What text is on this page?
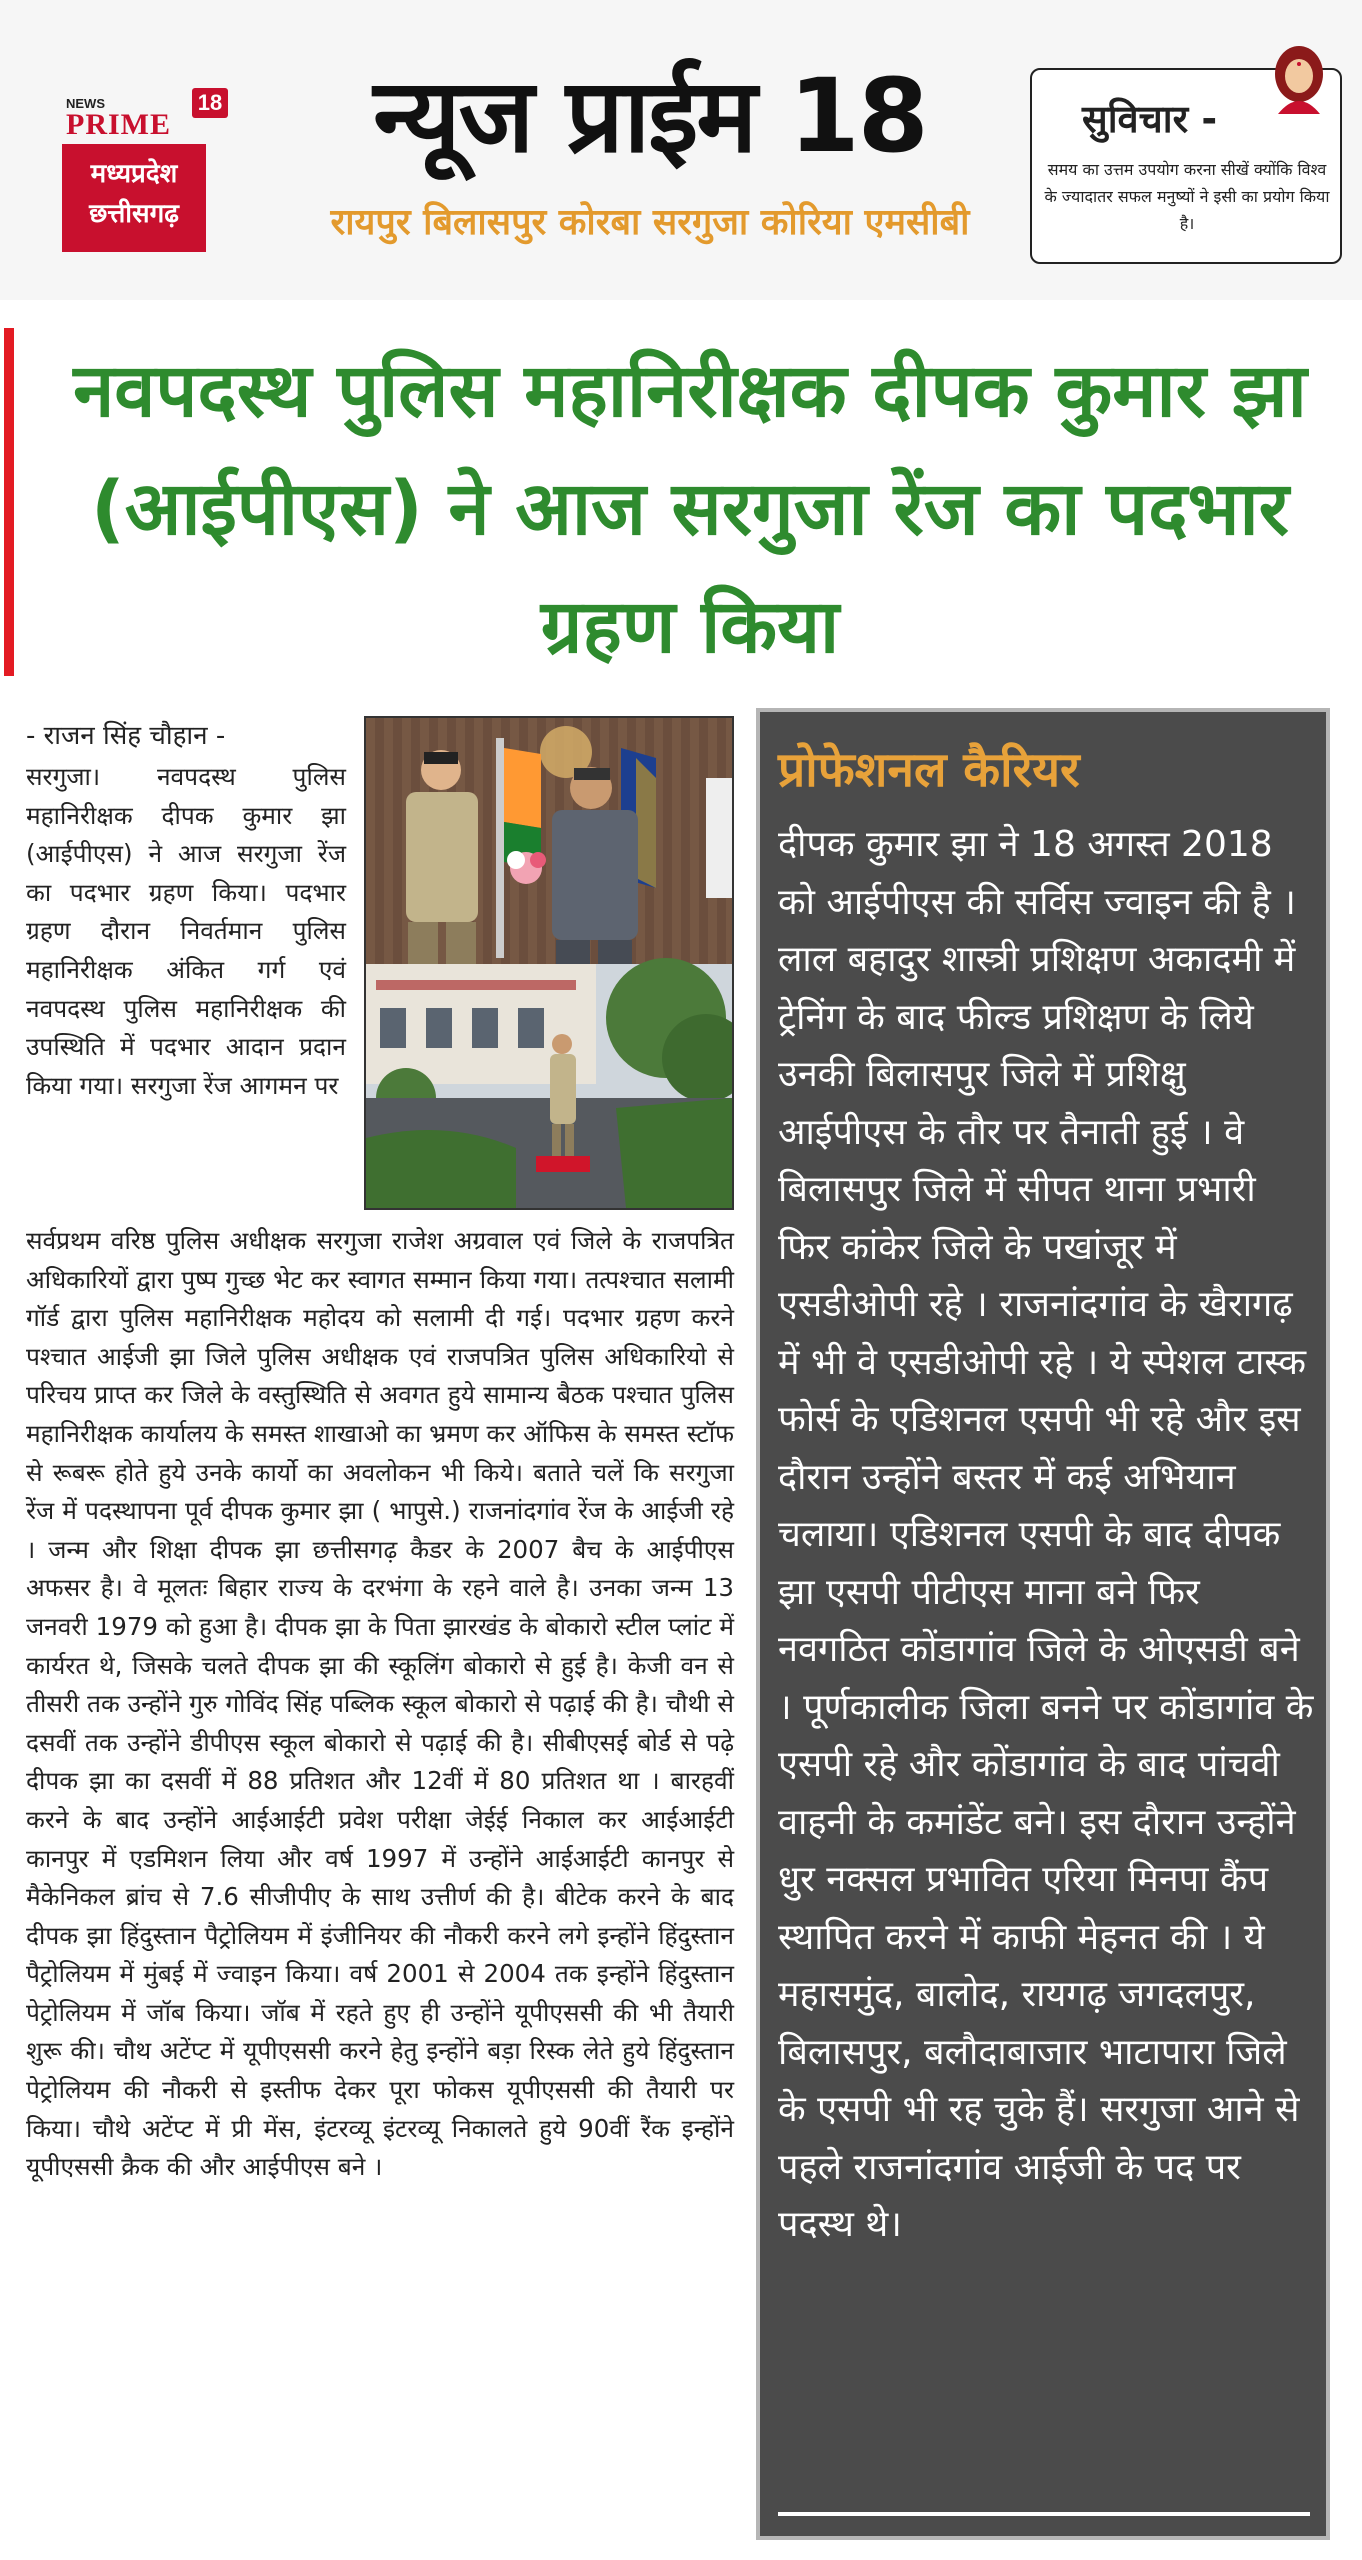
NEWS
PRIME
18
मध्यप्रदेश
छत्तीसगढ़
न्यूज प्राईम 18
रायपुर बिलासपुर कोरबा सरगुजा कोरिया एमसीबी
सुविचार -
समय का उत्तम उपयोग करना सीखें क्योंकि विश्व के ज्यादातर सफल मनुष्यों ने इसी का प्रयोग किया है।
नवपदस्थ पुलिस महानिरीक्षक दीपक कुमार झा (आईपीएस) ने आज सरगुजा रेंज का पदभार ग्रहण किया
- राजन सिंह चौहान -
सरगुजा। नवपदस्थ पुलिस महानिरीक्षक दीपक कुमार झा (आईपीएस) ने आज सरगुजा रेंज का पदभार ग्रहण किया। पदभार ग्रहण दौरान निवर्तमान पुलिस महानिरीक्षक अंकित गर्ग एवं नवपदस्थ पुलिस महानिरीक्षक की उपस्थिति में पदभार आदान प्रदान किया गया। सरगुजा रेंज आगमन पर
सर्वप्रथम वरिष्ठ पुलिस अधीक्षक सरगुजा राजेश अग्रवाल एवं जिले के राजपत्रित अधिकारियों द्वारा पुष्प गुच्छ भेट कर स्वागत सम्मान किया गया। तत्पश्चात सलामी गॉर्ड द्वारा पुलिस महानिरीक्षक महोदय को सलामी दी गई। पदभार ग्रहण करने पश्चात आईजी झा जिले पुलिस अधीक्षक एवं राजपत्रित पुलिस अधिकारियो से परिचय प्राप्त कर जिले के वस्तुस्थिति से अवगत हुये सामान्य बैठक पश्चात पुलिस महानिरीक्षक कार्यालय के समस्त शाखाओ का भ्रमण कर ऑफिस के समस्त स्टॉफ से रूबरू होते हुये उनके कार्यो का अवलोकन भी किये। बताते चलें कि सरगुजा रेंज में पदस्थापना पूर्व दीपक कुमार झा ( भापुसे.) राजनांदगांव रेंज के आईजी रहे । जन्म और शिक्षा दीपक झा छत्तीसगढ़ कैडर के 2007 बैच के आईपीएस अफसर है। वे मूलतः बिहार राज्य के दरभंगा के रहने वाले है। उनका जन्म 13 जनवरी 1979 को हुआ है। दीपक झा के पिता झारखंड के बोकारो स्टील प्लांट में कार्यरत थे, जिसके चलते दीपक झा की स्कूलिंग बोकारो से हुई है। केजी वन से तीसरी तक उन्होंने गुरु गोविंद सिंह पब्लिक स्कूल बोकारो से पढ़ाई की है। चौथी से दसवीं तक उन्होंने डीपीएस स्कूल बोकारो से पढ़ाई की है। सीबीएसई बोर्ड से पढ़े दीपक झा का दसवीं में 88 प्रतिशत और 12वीं में 80 प्रतिशत था । बारहवीं करने के बाद उन्होंने आईआईटी प्रवेश परीक्षा जेईई निकाल कर आईआईटी कानपुर में एडमिशन लिया और वर्ष 1997 में उन्होंने आईआईटी कानपुर से मैकेनिकल ब्रांच से 7.6 सीजीपीए के साथ उत्तीर्ण की है। बीटेक करने के बाद दीपक झा हिंदुस्तान पैट्रोलियम में इंजीनियर की नौकरी करने लगे इन्होंने हिंदुस्तान पैट्रोलियम में मुंबई में ज्वाइन किया। वर्ष 2001 से 2004 तक इन्होंने हिंदुस्तान पेट्रोलियम में जॉब किया। जॉब में रहते हुए ही उन्होंने यूपीएससी की भी तैयारी शुरू की। चौथ अटेंप्ट में यूपीएससी करने हेतु इन्होंने बड़ा रिस्क लेते हुये हिंदुस्तान पेट्रोलियम की नौकरी से इस्तीफ देकर पूरा फोकस यूपीएससी की तैयारी पर किया। चौथे अटेंप्ट में प्री मेंस, इंटरव्यू इंटरव्यू निकालते हुये 90वीं रैंक इन्होंने यूपीएससी क्रैक की और आईपीएस बने ।
प्रोफेशनल कैरियर
दीपक कुमार झा ने 18 अगस्त 2018 को आईपीएस की सर्विस ज्वाइन की है ।लाल बहादुर शास्त्री प्रशिक्षण अकादमी में ट्रेनिंग के बाद फील्ड प्रशिक्षण के लिये उनकी बिलासपुर जिले में प्रशिक्षु आईपीएस के तौर पर तैनाती हुई । वे बिलासपुर जिले में सीपत थाना प्रभारी फिर कांकेर जिले के पखांजूर में एसडीओपी रहे । राजनांदगांव के खैरागढ़ में भी वे एसडीओपी रहे । ये स्पेशल टास्क फोर्स के एडिशनल एसपी भी रहे और इस दौरान उन्होंने बस्तर में कई अभियान चलाया। एडिशनल एसपी के बाद दीपक झा एसपी पीटीएस माना बने फिर नवगठित कोंडागांव जिले के ओएसडी बने । पूर्णकालीक जिला बनने पर कोंडागांव के एसपी रहे और कोंडागांव के बाद पांचवी वाहनी के कमांडेंट बने। इस दौरान उन्होंने धुर नक्सल प्रभावित एरिया मिनपा कैंप स्थापित करने में काफी मेहनत की । ये महासमुंद, बालोद, रायगढ़ जगदलपुर, बिलासपुर, बलौदाबाजार भाटापारा जिले के एसपी भी रह चुके हैं। सरगुजा आने से पहले राजनांदगांव आईजी के पद पर पदस्थ थे।
